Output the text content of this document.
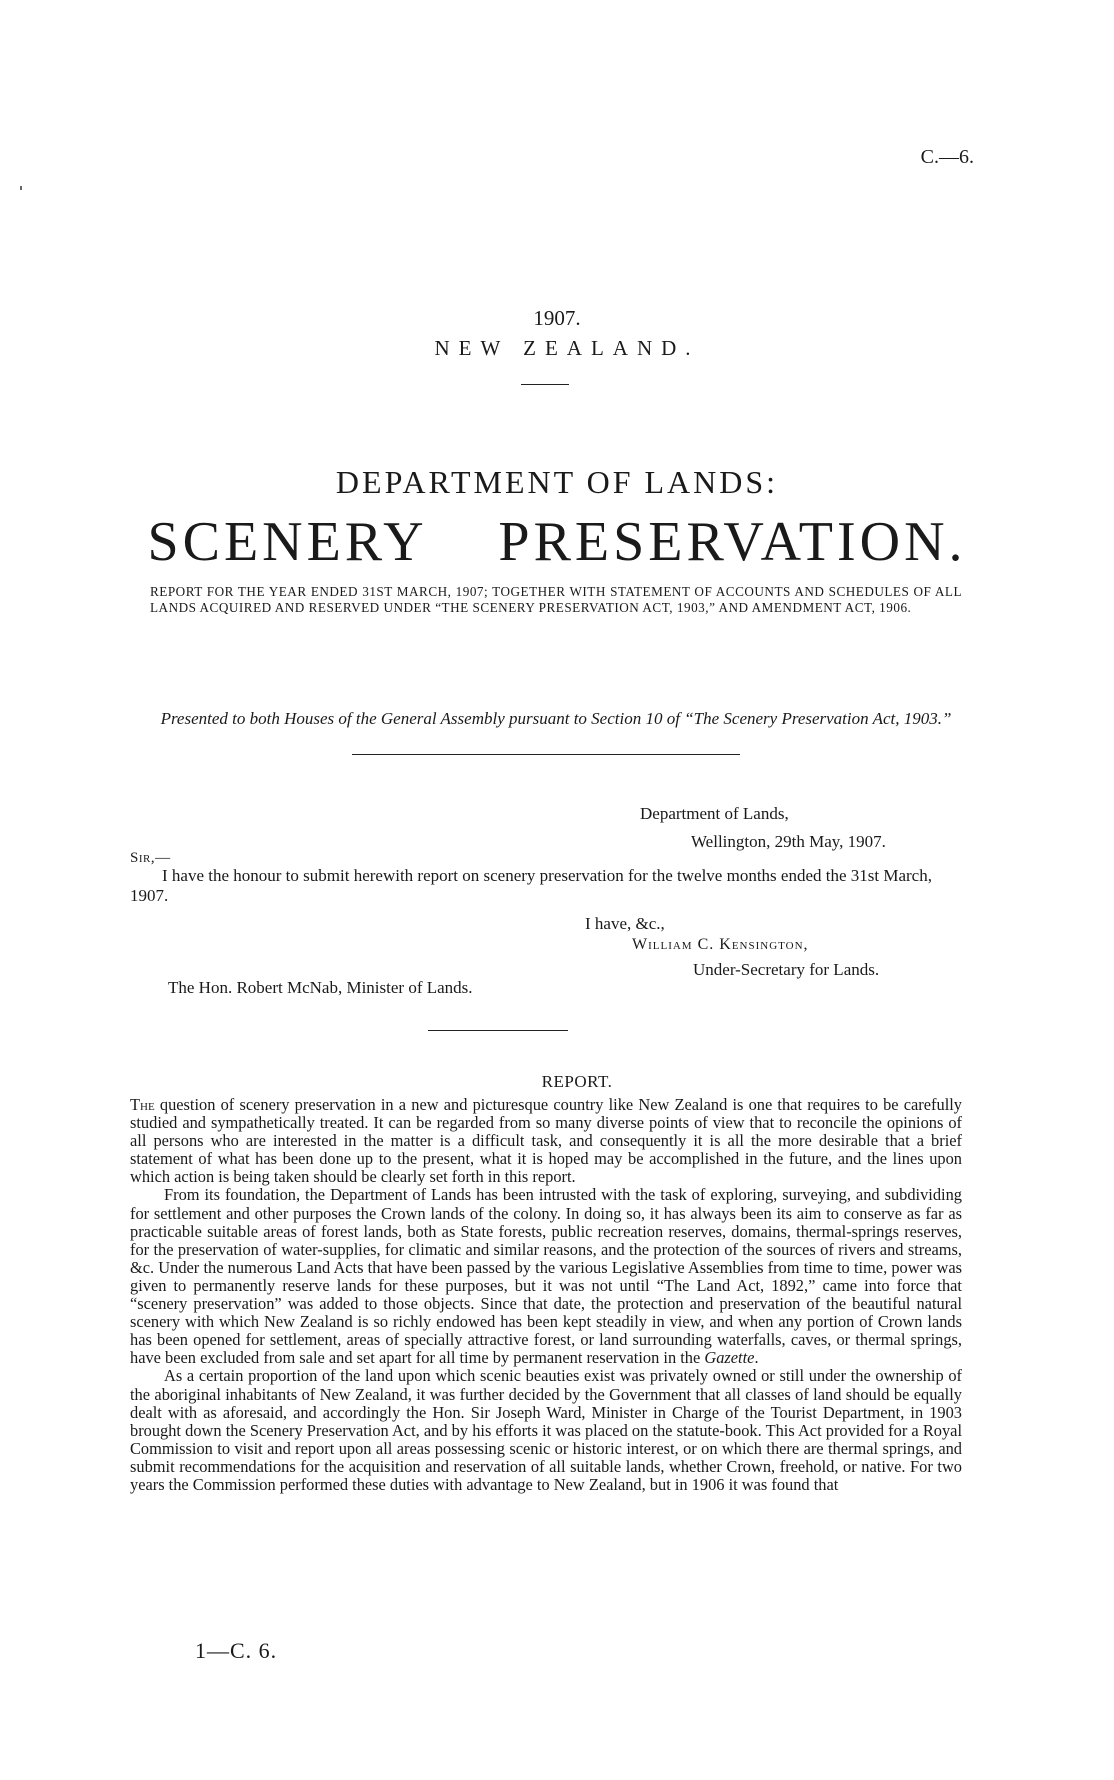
C.—6.
1907.
NEW ZEALAND.
DEPARTMENT OF LANDS:
SCENERY PRESERVATION.
REPORT FOR THE YEAR ENDED 31ST MARCH, 1907; TOGETHER WITH STATEMENT OF ACCOUNTS AND SCHEDULES OF ALL LANDS ACQUIRED AND RESERVED UNDER “THE SCENERY PRESERVATION ACT, 1903,” AND AMENDMENT ACT, 1906.
Presented to both Houses of the General Assembly pursuant to Section 10 of “The Scenery Preservation Act, 1903.”
Department of Lands,
Wellington, 29th May, 1907.
Sir,—
I have the honour to submit herewith report on scenery preservation for the twelve months ended the 31st March, 1907.
I have, &c.,
William C. Kensington,
Under-Secretary for Lands.
The Hon. Robert McNab, Minister of Lands.
REPORT.

The question of scenery preservation in a new and picturesque country like New Zealand is one that requires to be carefully studied and sympathetically treated. It can be regarded from so many diverse points of view that to reconcile the opinions of all persons who are interested in the matter is a difficult task, and consequently it is all the more desirable that a brief statement of what has been done up to the present, what it is hoped may be accomplished in the future, and the lines upon which action is being taken should be clearly set forth in this report.

From its foundation, the Department of Lands has been intrusted with the task of exploring, surveying, and subdividing for settlement and other purposes the Crown lands of the colony. In doing so, it has always been its aim to conserve as far as practicable suitable areas of forest lands, both as State forests, public recreation reserves, domains, thermal-springs reserves, for the preservation of water-supplies, for climatic and similar reasons, and the protection of the sources of rivers and streams, &c. Under the numerous Land Acts that have been passed by the various Legislative Assemblies from time to time, power was given to permanently reserve lands for these purposes, but it was not until “The Land Act, 1892,” came into force that “scenery preservation” was added to those objects. Since that date, the protection and preservation of the beautiful natural scenery with which New Zealand is so richly endowed has been kept steadily in view, and when any portion of Crown lands has been opened for settlement, areas of specially attractive forest, or land surrounding waterfalls, caves, or thermal springs, have been excluded from sale and set apart for all time by permanent reservation in the Gazette.

As a certain proportion of the land upon which scenic beauties exist was privately owned or still under the ownership of the aboriginal inhabitants of New Zealand, it was further decided by the Government that all classes of land should be equally dealt with as aforesaid, and accordingly the Hon. Sir Joseph Ward, Minister in Charge of the Tourist Department, in 1903 brought down the Scenery Preservation Act, and by his efforts it was placed on the statute-book. This Act provided for a Royal Commission to visit and report upon all areas possessing scenic or historic interest, or on which there are thermal springs, and submit recommendations for the acquisition and reservation of all suitable lands, whether Crown, freehold, or native. For two years the Commission performed these duties with advantage to New Zealand, but in 1906 it was found that

1—C. 6.
